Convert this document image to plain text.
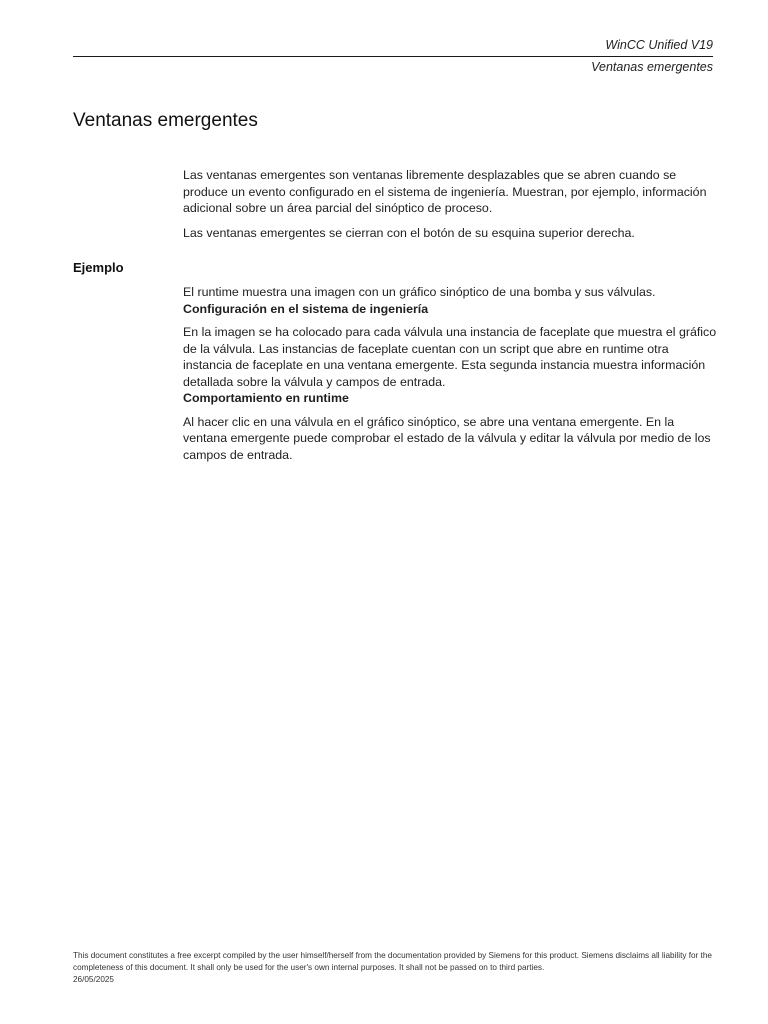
WinCC Unified V19
Ventanas emergentes
Ventanas emergentes

Las ventanas emergentes son ventanas libremente desplazables que se abren cuando se produce un evento configurado en el sistema de ingeniería. Muestran, por ejemplo, información adicional sobre un área parcial del sinóptico de proceso.

Las ventanas emergentes se cierran con el botón de su esquina superior derecha.

Ejemplo

El runtime muestra una imagen con un gráfico sinóptico de una bomba y sus válvulas.

Configuración en el sistema de ingeniería

En la imagen se ha colocado para cada válvula una instancia de faceplate que muestra el gráfico de la válvula. Las instancias de faceplate cuentan con un script que abre en runtime otra instancia de faceplate en una ventana emergente. Esta segunda instancia muestra información detallada sobre la válvula y campos de entrada.

Comportamiento en runtime

Al hacer clic en una válvula en el gráfico sinóptico, se abre una ventana emergente. En la ventana emergente puede comprobar el estado de la válvula y editar la válvula por medio de los campos de entrada.

This document constitutes a free excerpt compiled by the user himself/herself from the documentation provided by Siemens for this product. Siemens disclaims all liability for the completeness of this document. It shall only be used for the user's own internal purposes. It shall not be passed on to third parties.

26/05/2025
